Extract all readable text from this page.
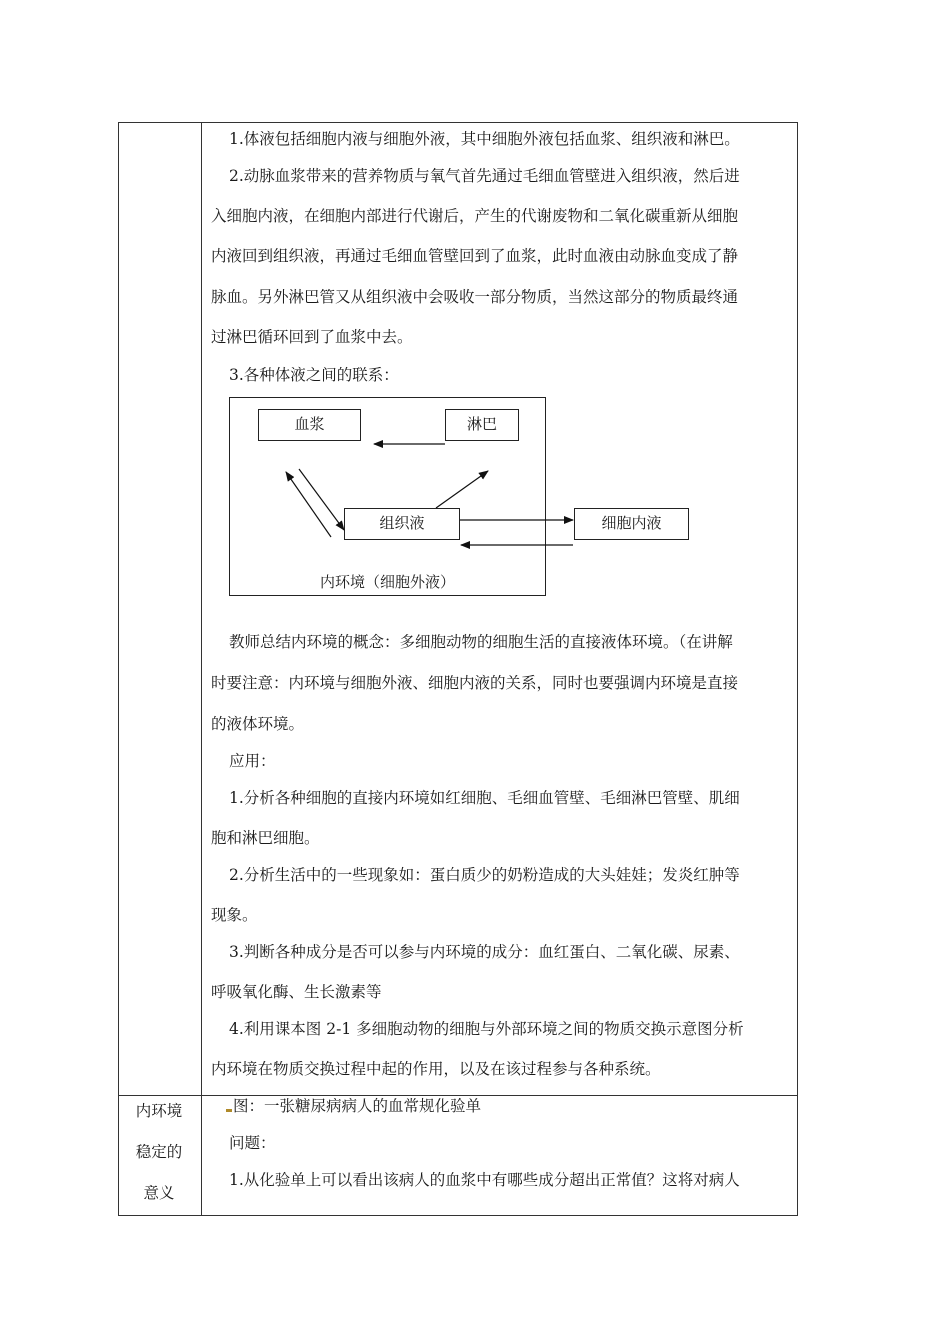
1.体液包括细胞内液与细胞外液，其中细胞外液包括血浆、组织液和淋巴。
2.动脉血浆带来的营养物质与氧气首先通过毛细血管壁进入组织液，然后进
入细胞内液，在细胞内部进行代谢后，产生的代谢废物和二氧化碳重新从细胞
内液回到组织液，再通过毛细血管壁回到了血浆，此时血液由动脉血变成了静
脉血。另外淋巴管又从组织液中会吸收一部分物质，当然这部分的物质最终通
过淋巴循环回到了血浆中去。
3.各种体液之间的联系：
血浆	淋巴
组织液	细胞内液
内环境（细胞外液）
教师总结内环境的概念：多细胞动物的细胞生活的直接液体环境。（在讲解
时要注意：内环境与细胞外液、细胞内液的关系，同时也要强调内环境是直接
的液体环境。
应用：
1.分析各种细胞的直接内环境如红细胞、毛细血管壁、毛细淋巴管壁、肌细
胞和淋巴细胞。
2.分析生活中的一些现象如：蛋白质少的奶粉造成的大头娃娃；发炎红肿等
现象。
3.判断各种成分是否可以参与内环境的成分：血红蛋白、二氧化碳、尿素、
呼吸氧化酶、生长激素等
4.利用课本图 2-1 多细胞动物的细胞与外部环境之间的物质交换示意图分析
内环境在物质交换过程中起的作用，以及在该过程参与各种系统。
内环境
稳定的
意义
图：一张糖尿病病人的血常规化验单
问题：
1.从化验单上可以看出该病人的血浆中有哪些成分超出正常值？这将对病人
